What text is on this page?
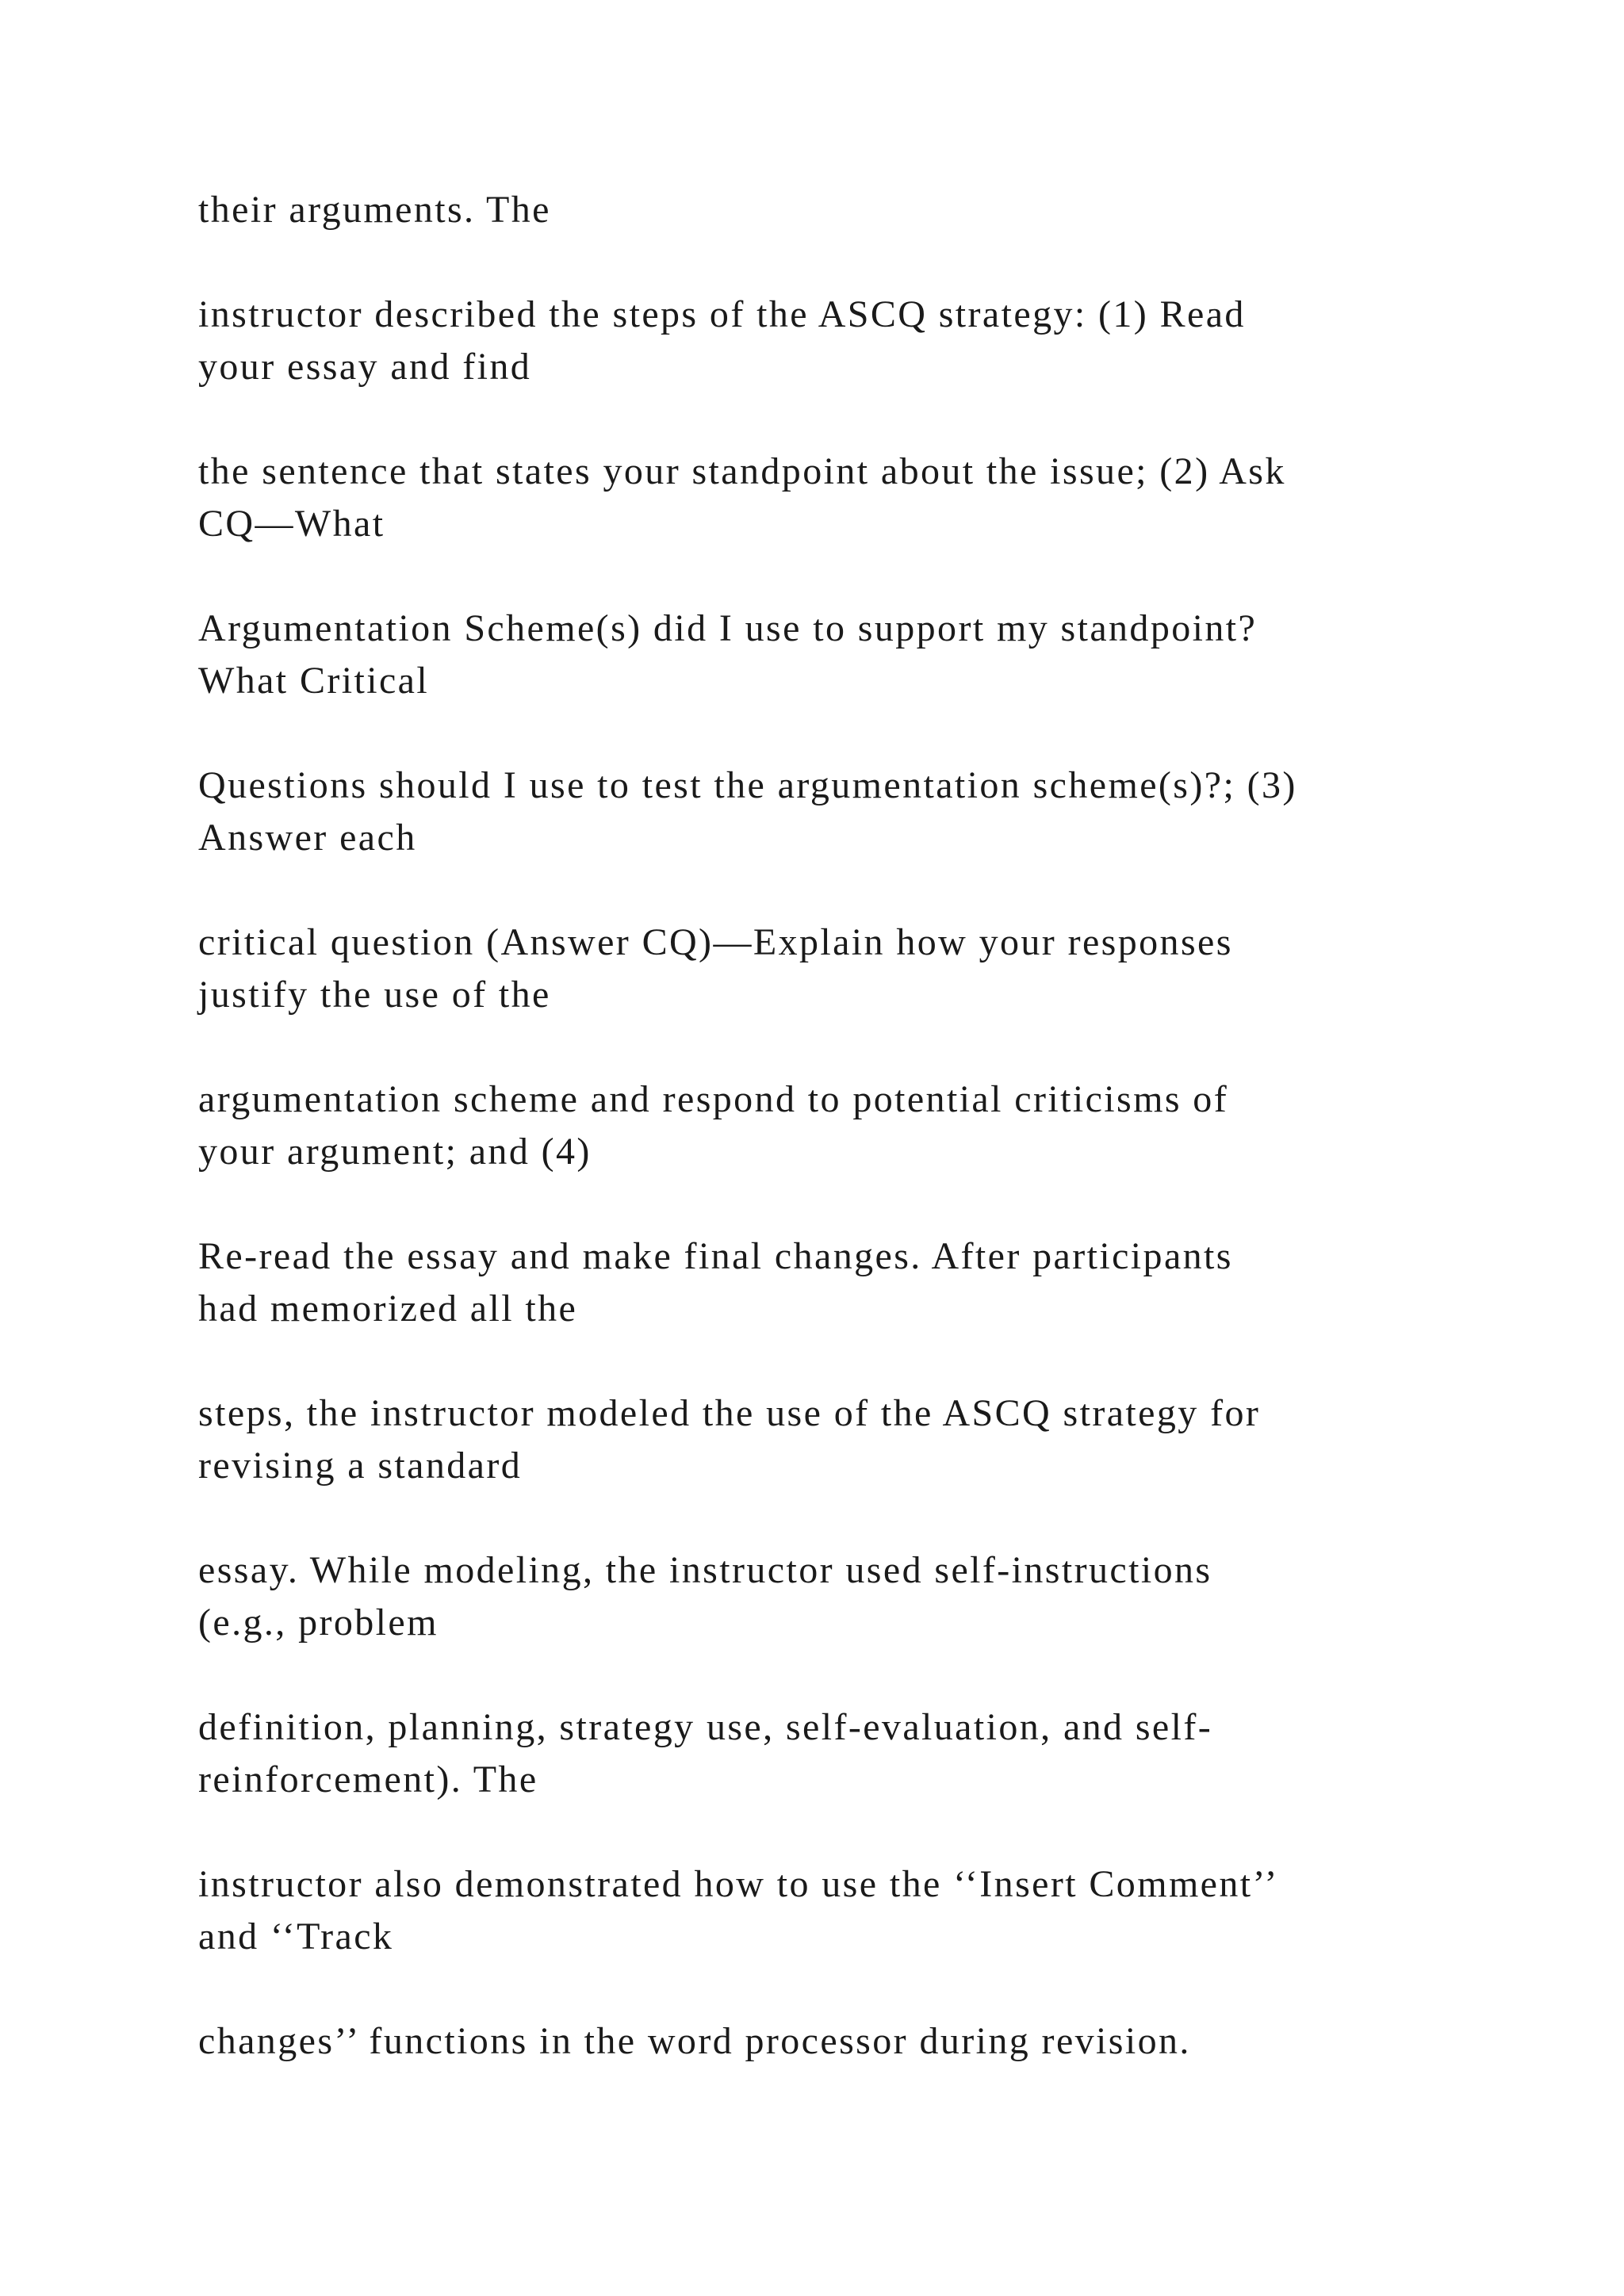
their arguments. The

instructor described the steps of the ASCQ strategy: (1) Read
your essay and find

the sentence that states your standpoint about the issue; (2) Ask
CQ—What

Argumentation Scheme(s) did I use to support my standpoint?
What Critical

Questions should I use to test the argumentation scheme(s)?; (3)
Answer each

critical question (Answer CQ)—Explain how your responses
justify the use of the

argumentation scheme and respond to potential criticisms of
your argument; and (4)

Re-read the essay and make final changes. After participants
had memorized all the

steps, the instructor modeled the use of the ASCQ strategy for
revising a standard

essay. While modeling, the instructor used self-instructions
(e.g., problem

definition, planning, strategy use, self-evaluation, and self-
reinforcement). The

instructor also demonstrated how to use the ‘‘Insert Comment’’
and ‘‘Track

changes’’ functions in the word processor during revision.
